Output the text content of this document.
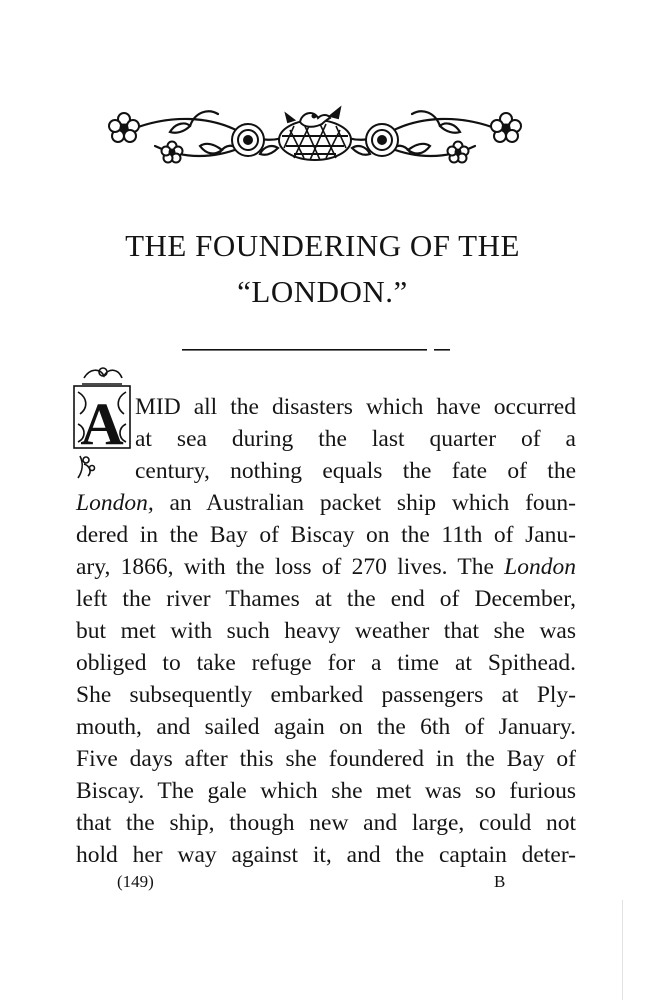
THE FOUNDERING OF THE
“LONDON.”
A MID all the disasters which have occurred
at sea during the last quarter of a
century, nothing equals the fate of the
London, an Australian packet ship which foun-
dered in the Bay of Biscay on the 11th of Janu-
ary, 1866, with the loss of 270 lives. The London
left the river Thames at the end of December,
but met with such heavy weather that she was
obliged to take refuge for a time at Spithead.
She subsequently embarked passengers at Ply-
mouth, and sailed again on the 6th of January.
Five days after this she foundered in the Bay of
Biscay. The gale which she met was so furious
that the ship, though new and large, could not
hold her way against it, and the captain deter-
(149)	B
